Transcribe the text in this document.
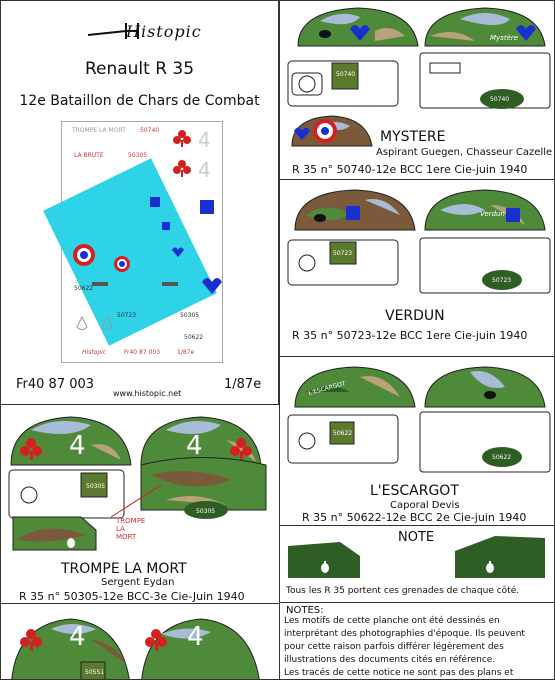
Histopic
Renault R 35
12e Bataillon de Chars de Combat
4
4
LA BRUTE	50305
50740
TROMPE LA MORT
50622
50723
50622
50305
Histopic	Fr40 87 003	1/87e
Fr40 87 003
www.histopic.net
1/87e
50740
50740
Mystère
MYSTERE
Aspirant Guegen, Chasseur Cazelle
R 35 n° 50740-12e BCC 1ere Cie-juin 1940
50723
50723
Verdun
VERDUN
R 35 n° 50723-12e BCC 1ere Cie-juin 1940
50622
50622
L'ESCARGOT
L'ESCARGOT
Caporal Devis
R 35 n° 50622-12e BCC 2e Cie-juin 1940
NOTE
Tous les R 35 portent ces grenades de chaque côté.
NOTES:
Les motifs de cette planche ont été dessinés en
interprétant des photographies d'époque. Ils peuvent
pour cette raison parfois différer légèrement des
illustrations des documents cités en référence.
Les tracés de cette notice ne sont pas des plans et
4	4
50305
50305
TROMPE LA MORT
TROMPE LA MORT
Sergent Eydan
R 35 n° 50305-12e BCC-3e Cie-Juin 1940
4	4
50551
